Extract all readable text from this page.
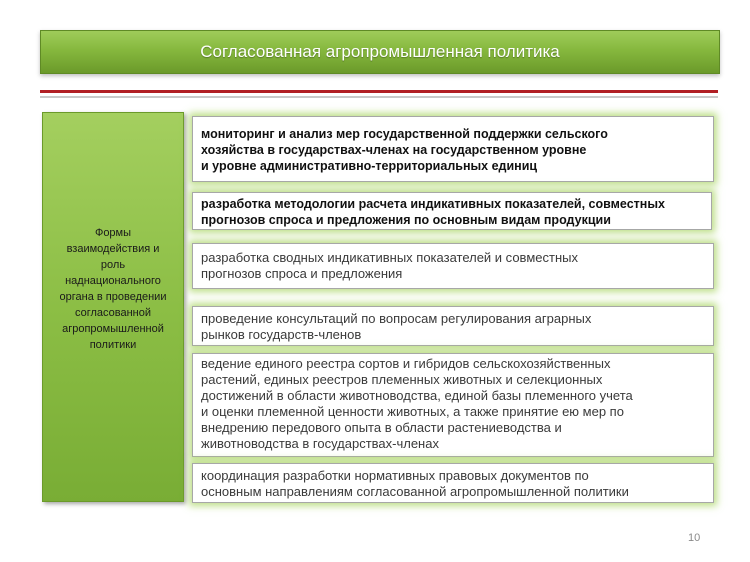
Согласованная агропромышленная политика
Формы взаимодействия и роль наднационального органа в проведении согласованной агропромышленной политики
мониторинг и анализ мер государственной поддержки сельского
хозяйства в государствах-членах на государственном уровне
и уровне административно-территориальных единиц
разработка методологии расчета индикативных показателей, совместных
прогнозов спроса и предложения по основным видам продукции
разработка сводных индикативных показателей и совместных
прогнозов спроса и предложения
проведение консультаций по вопросам регулирования аграрных
рынков государств-членов
ведение единого реестра сортов и гибридов сельскохозяйственных
растений, единых реестров племенных животных и селекционных
достижений в области животноводства, единой базы племенного учета
и оценки племенной ценности животных, а также принятие ею мер по
внедрению передового опыта в области растениеводства и
животноводства в государствах-членах
координация разработки нормативных правовых документов по
основным направлениям согласованной агропромышленной политики
10
